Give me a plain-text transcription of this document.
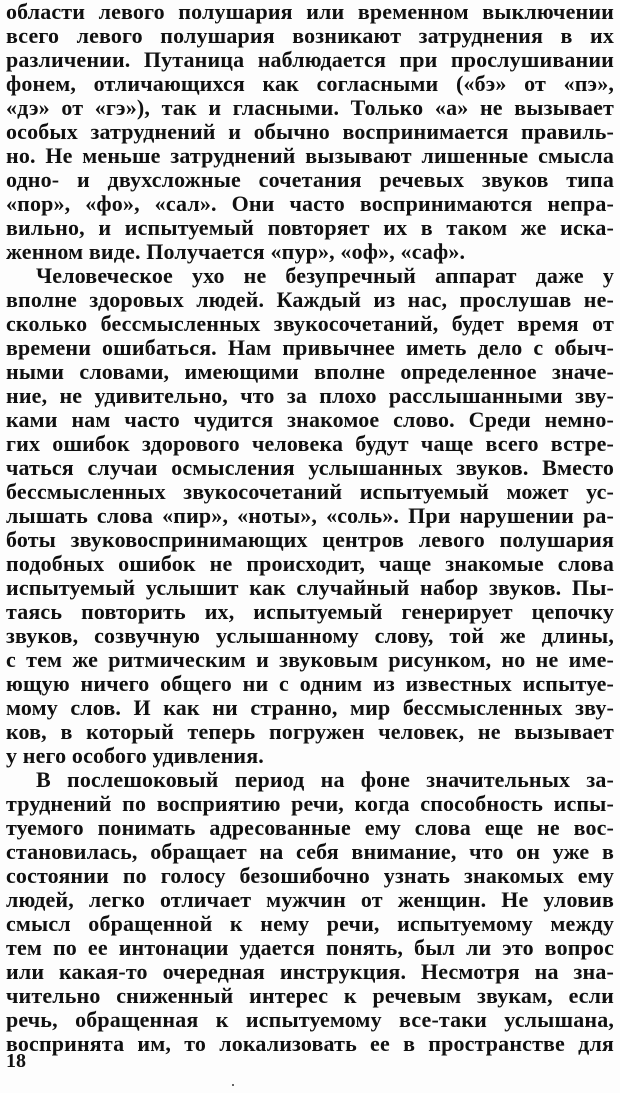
области левого полушария или временном выключении
всего левого полушария возникают затруднения в их
различении. Путаница наблюдается при прослушивании
фонем, отличающихся как согласными («бэ» от «пэ»,
«дэ» от «гэ»), так и гласными. Только «а» не вызывает
особых затруднений и обычно воспринимается правиль-
но. Не меньше затруднений вызывают лишенные смысла
одно- и двухсложные сочетания речевых звуков типа
«пор», «фо», «сал». Они часто воспринимаются непра-
вильно, и испытуемый повторяет их в таком же иска-
женном виде. Получается «пур», «оф», «саф».
Человеческое ухо не безупречный аппарат даже у
вполне здоровых людей. Каждый из нас, прослушав не-
сколько бессмысленных звукосочетаний, будет время от
времени ошибаться. Нам привычнее иметь дело с обыч-
ными словами, имеющими вполне определенное значе-
ние, не удивительно, что за плохо расслышанными зву-
ками нам часто чудится знакомое слово. Среди немно-
гих ошибок здорового человека будут чаще всего встре-
чаться случаи осмысления услышанных звуков. Вместо
бессмысленных звукосочетаний испытуемый может ус-
лышать слова «пир», «ноты», «соль». При нарушении ра-
боты звуковоспринимающих центров левого полушария
подобных ошибок не происходит, чаще знакомые слова
испытуемый услышит как случайный набор звуков. Пы-
таясь повторить их, испытуемый генерирует цепочку
звуков, созвучную услышанному слову, той же длины,
с тем же ритмическим и звуковым рисунком, но не име-
ющую ничего общего ни с одним из известных испытуе-
мому слов. И как ни странно, мир бессмысленных зву-
ков, в который теперь погружен человек, не вызывает
у него особого удивления.
В послешоковый период на фоне значительных за-
труднений по восприятию речи, когда способность испы-
туемого понимать адресованные ему слова еще не вос-
становилась, обращает на себя внимание, что он уже в
состоянии по голосу безошибочно узнать знакомых ему
людей, легко отличает мужчин от женщин. Не уловив
смысл обращенной к нему речи, испытуемому между
тем по ее интонации удается понять, был ли это вопрос
или какая-то очередная инструкция. Несмотря на зна-
чительно сниженный интерес к речевым звукам, если
речь, обращенная к испытуемому все-таки услышана,
воспринята им, то локализовать ее в пространстве для
18
